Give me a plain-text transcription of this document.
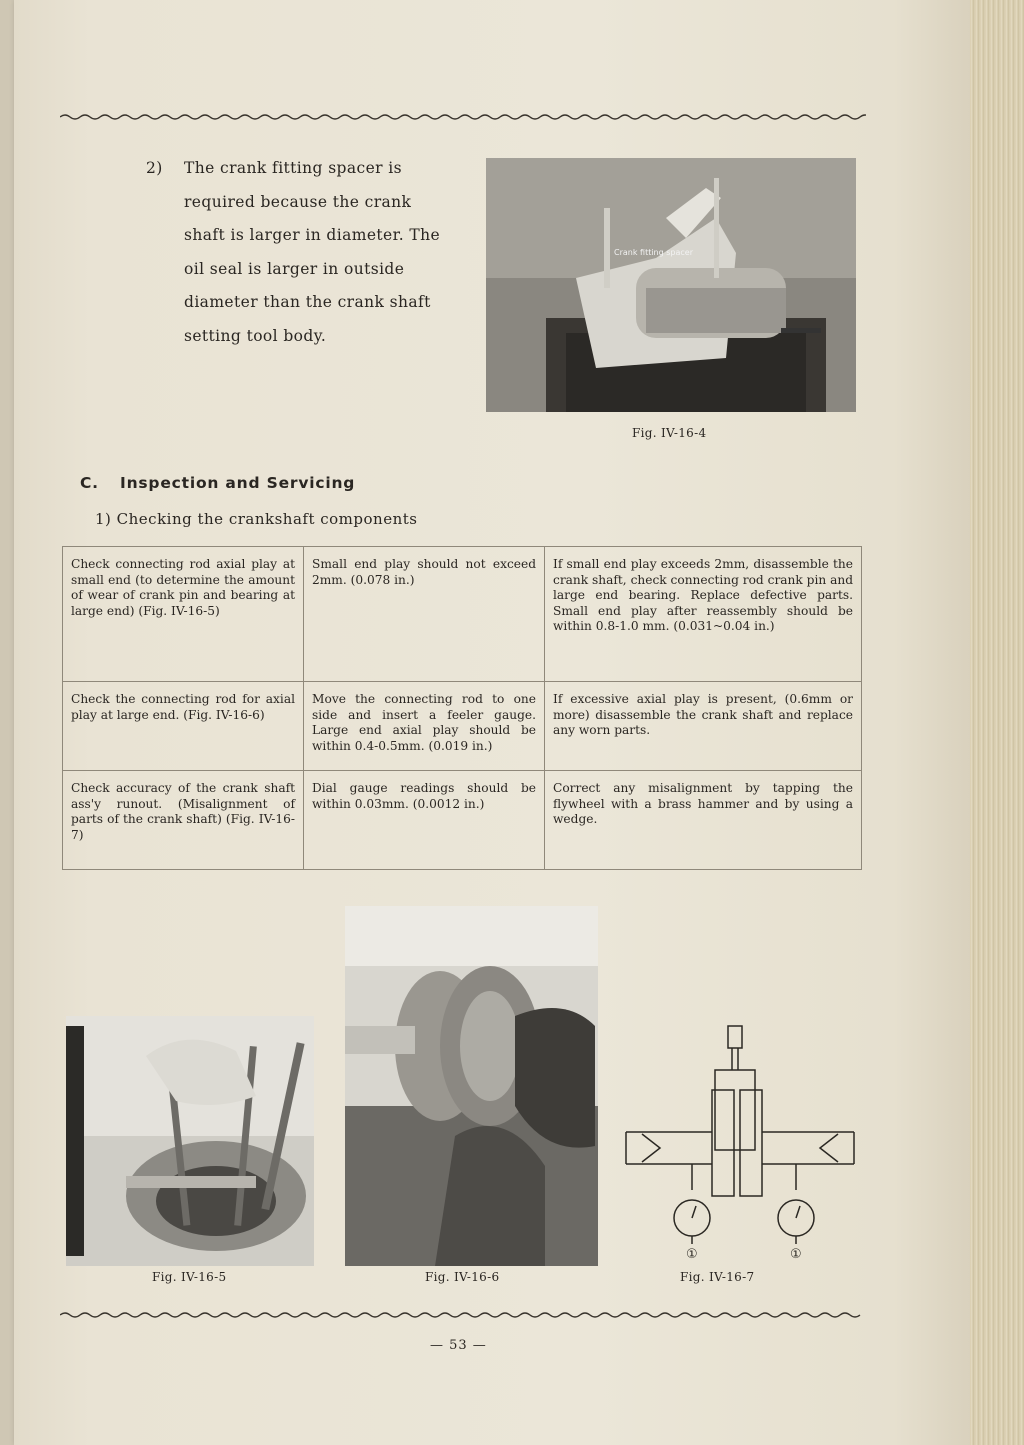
2) The crank fitting spacer is required because the crank shaft is larger in diameter. The oil seal is larger in outside diameter than the crank shaft setting tool body.
Crank fitting spacer
Fig. IV-16-4
C. Inspection and Servicing
1) Checking the crankshaft components
Check connecting rod axial play at small end (to determine the amount of wear of crank pin and bearing at large end) (Fig. IV-16-5)	Small end play should not exceed 2mm. (0.078 in.)	If small end play exceeds 2mm, disassemble the crank shaft, check connecting rod crank pin and large end bearing. Replace defective parts. Small end play after reassembly should be within 0.8-1.0 mm. (0.031~0.04 in.)
Check the connecting rod for axial play at large end. (Fig. IV-16-6)	Move the connecting rod to one side and insert a feeler gauge. Large end axial play should be within 0.4-0.5mm. (0.019 in.)	If excessive axial play is present, (0.6mm or more) disassemble the crank shaft and replace any worn parts.
Check accuracy of the crank shaft ass'y runout. (Misalignment of parts of the crank shaft) (Fig. IV-16-7)	Dial gauge readings should be within 0.03mm. (0.0012 in.)	Correct any misalignment by tapping the flywheel with a brass hammer and by using a wedge.
Fig. IV-16-5	Fig. IV-16-6
①	①
Fig. IV-16-7
— 53 —
